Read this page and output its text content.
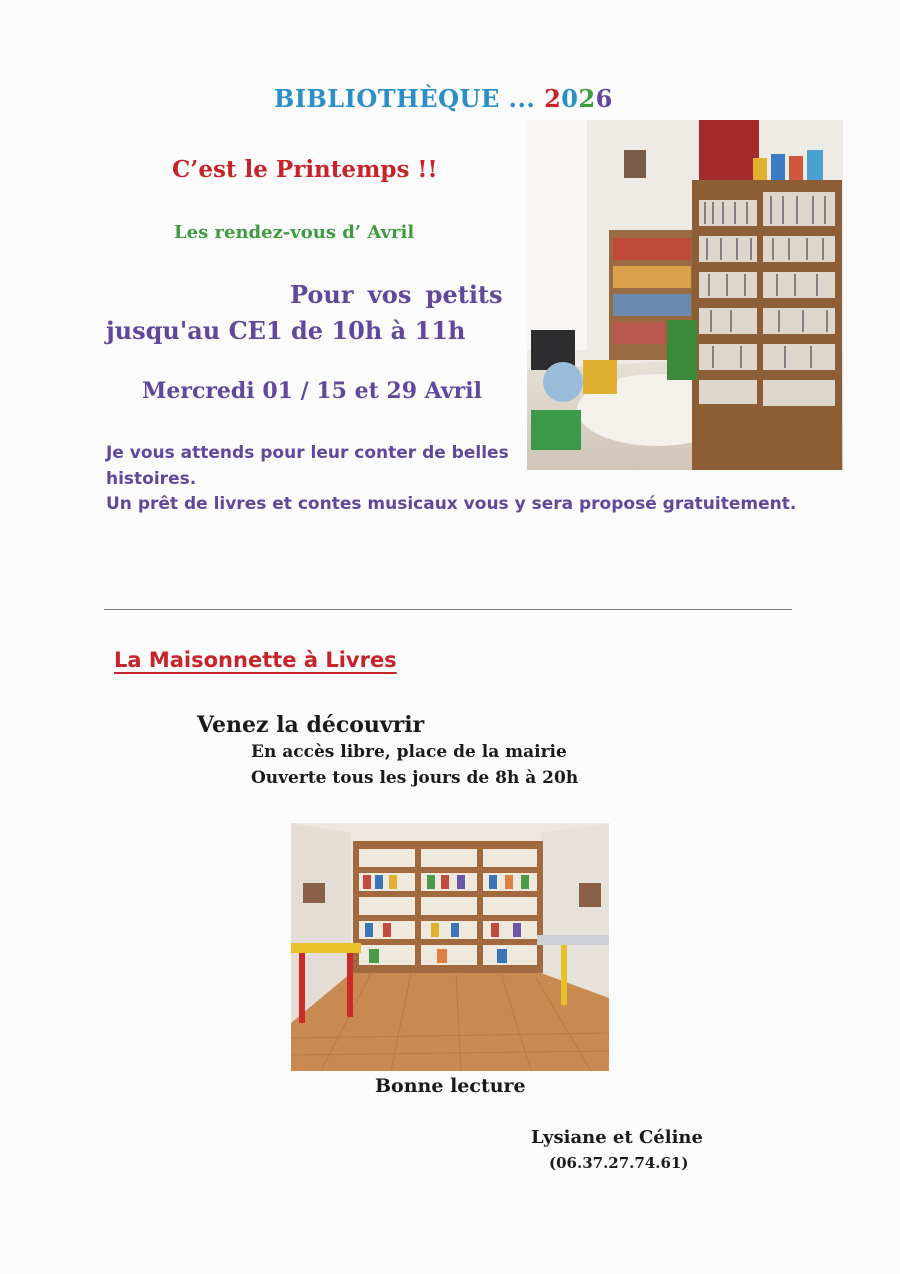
BIBLIOTHÈQUE ... 2026
C’est le Printemps !!
Les rendez-vous d’ Avril
Pour vos petits
jusqu'au CE1 de 10h à 11h
Mercredi 01 / 15 et 29 Avril
Je vous attends pour leur conter de belles
histoires.
Un prêt de livres et contes musicaux vous y sera proposé gratuitement.
La Maisonnette à Livres
Venez la découvrir
En accès libre, place de la mairie
Ouverte tous les jours de 8h à 20h
Bonne lecture
Lysiane et Céline
(06.37.27.74.61)
